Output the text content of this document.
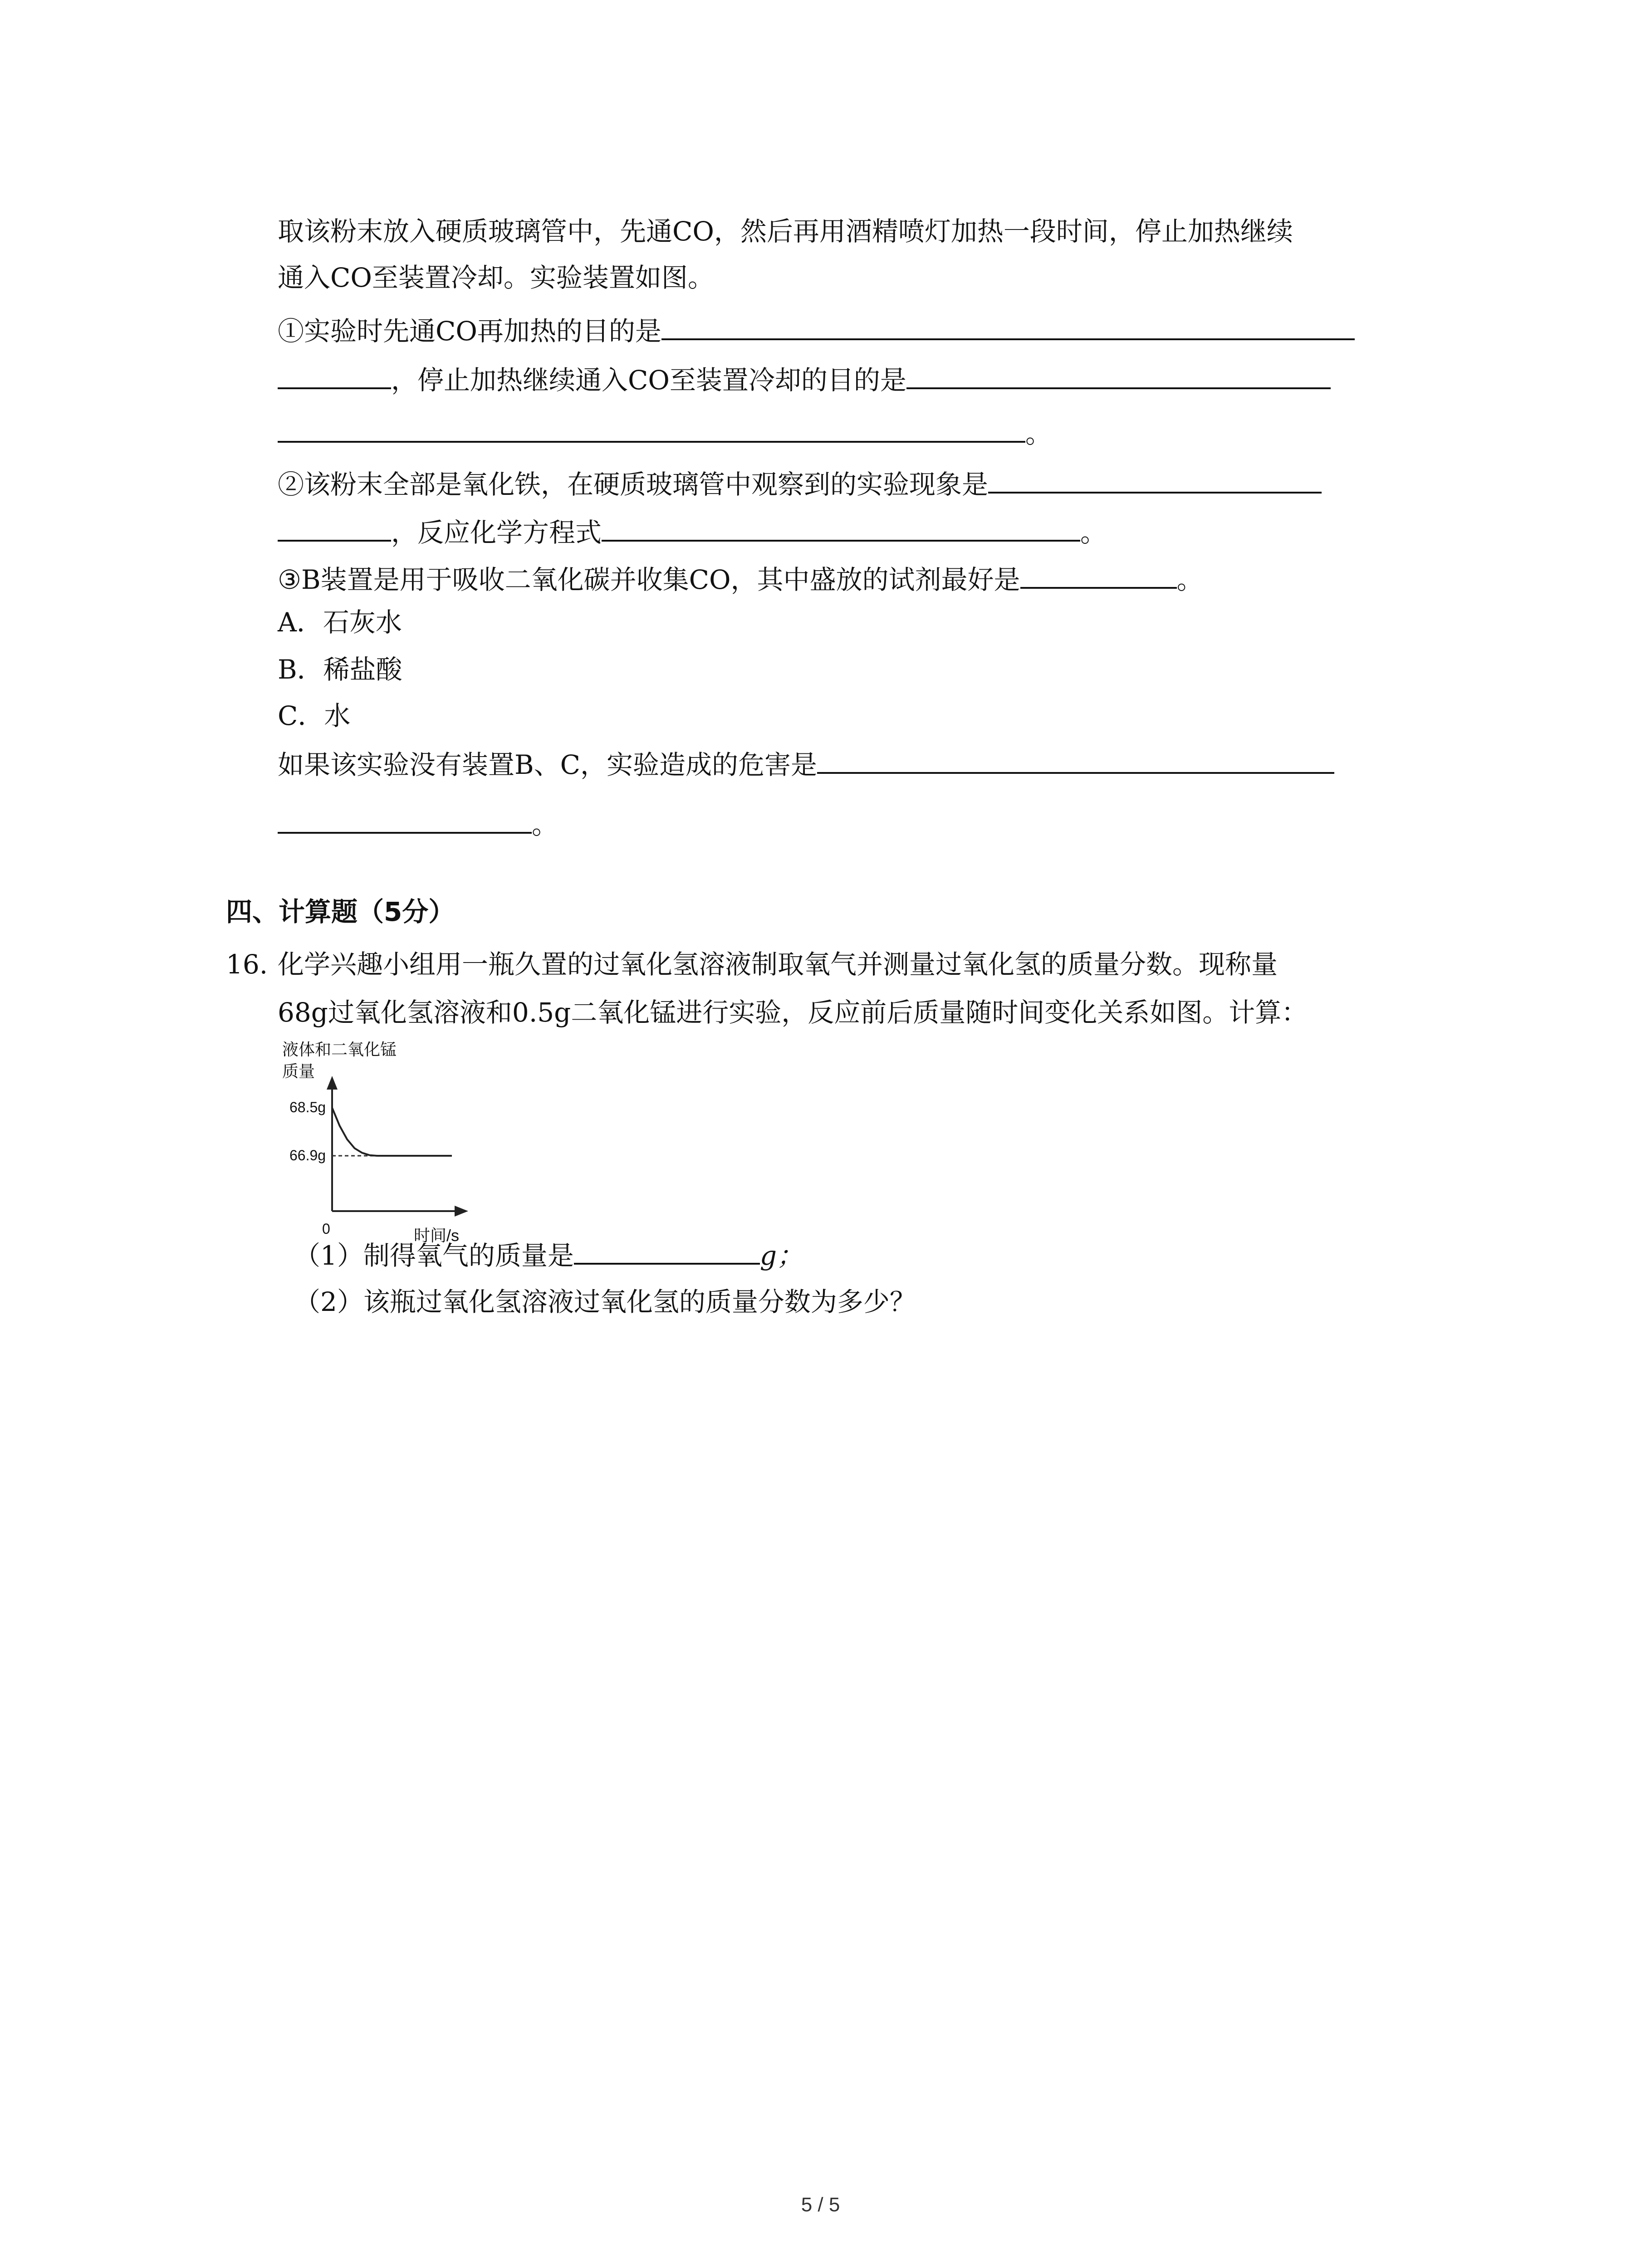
取该粉末放入硬质玻璃管中，先通CO，然后再用酒精喷灯加热一段时间，停止加热继续
通入CO至装置冷却。实验装置如图。
①实验时先通CO再加热的目的是
，停止加热继续通入CO至装置冷却的目的是
。
②该粉末全部是氧化铁，在硬质玻璃管中观察到的实验现象是
，反应化学方程式	。
③B装置是用于吸收二氧化碳并收集CO，其中盛放的试剂最好是	。
A．石灰水
B．稀盐酸
C．水
如果该实验没有装置B、C，实验造成的危害是
。
四、计算题（5分）
16. 化学兴趣小组用一瓶久置的过氧化氢溶液制取氧气并测量过氧化氢的质量分数。现称量
68g过氧化氢溶液和0.5g二氧化锰进行实验，反应前后质量随时间变化关系如图。计算：
液体和二氧化锰
质量
68.5g
66.9g
0	时间/s
（1）制得氧气的质量是	g；
（2）该瓶过氧化氢溶液过氧化氢的质量分数为多少？
5 / 5
